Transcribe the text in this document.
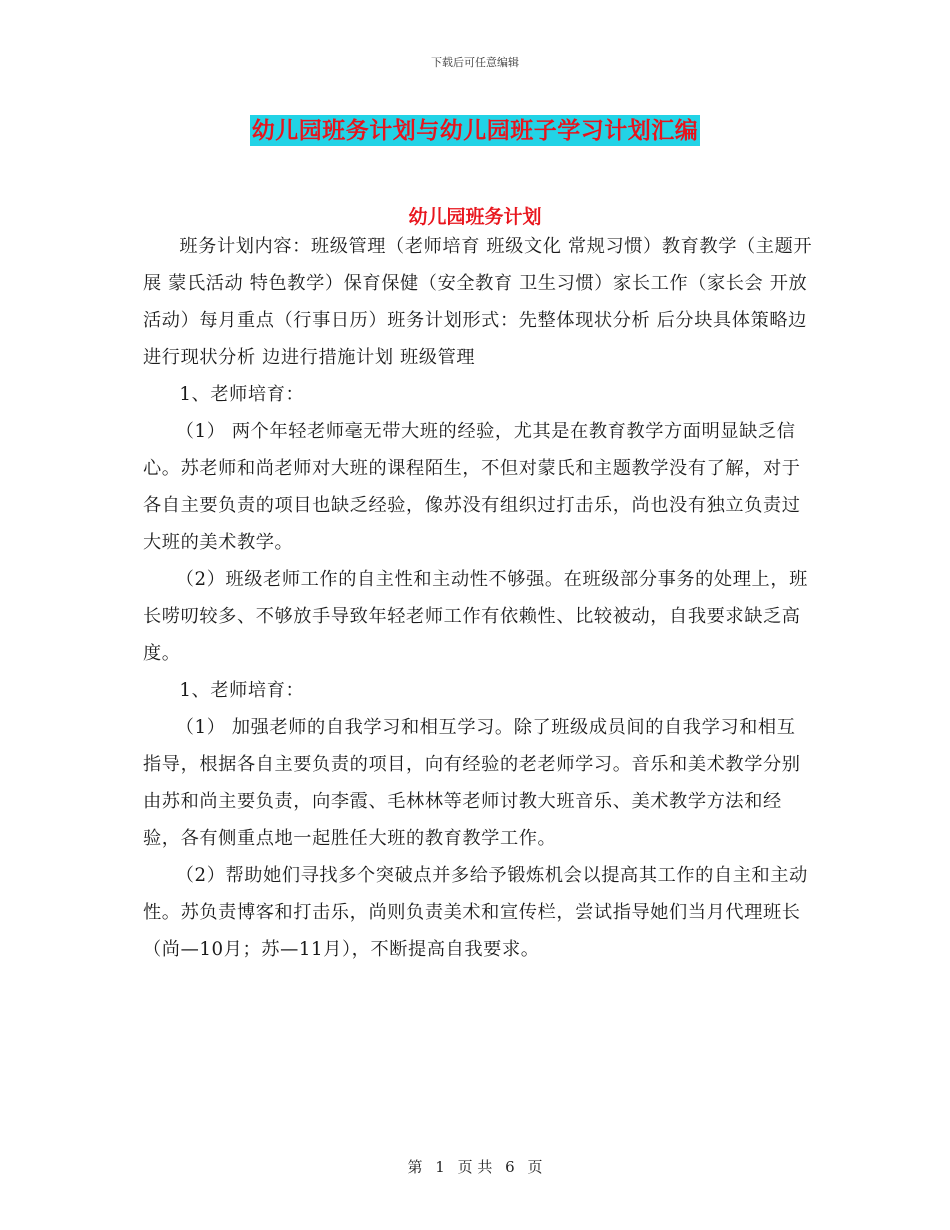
下载后可任意编辑
幼儿园班务计划与幼儿园班子学习计划汇编
幼儿园班务计划

班务计划内容：班级管理（老师培育 班级文化 常规习惯）教育教学（主题开展 蒙氏活动 特色教学）保育保健（安全教育 卫生习惯）家长工作（家长会 开放活动）每月重点（行事日历）班务计划形式：先整体现状分析 后分块具体策略边进行现状分析 边进行措施计划 班级管理

1、老师培育：

（1） 两个年轻老师毫无带大班的经验，尤其是在教育教学方面明显缺乏信心。苏老师和尚老师对大班的课程陌生，不但对蒙氏和主题教学没有了解，对于各自主要负责的项目也缺乏经验，像苏没有组织过打击乐，尚也没有独立负责过大班的美术教学。

（2）班级老师工作的自主性和主动性不够强。在班级部分事务的处理上，班长唠叨较多、不够放手导致年轻老师工作有依赖性、比较被动，自我要求缺乏高度。

1、老师培育：

（1） 加强老师的自我学习和相互学习。除了班级成员间的自我学习和相互指导，根据各自主要负责的项目，向有经验的老老师学习。音乐和美术教学分别由苏和尚主要负责，向李霞、毛林林等老师讨教大班音乐、美术教学方法和经验，各有侧重点地一起胜任大班的教育教学工作。

（2）帮助她们寻找多个突破点并多给予锻炼机会以提高其工作的自主和主动性。苏负责博客和打击乐，尚则负责美术和宣传栏，尝试指导她们当月代理班长（尚—10月；苏—11月），不断提高自我要求。

第 1 页 共 6 页
